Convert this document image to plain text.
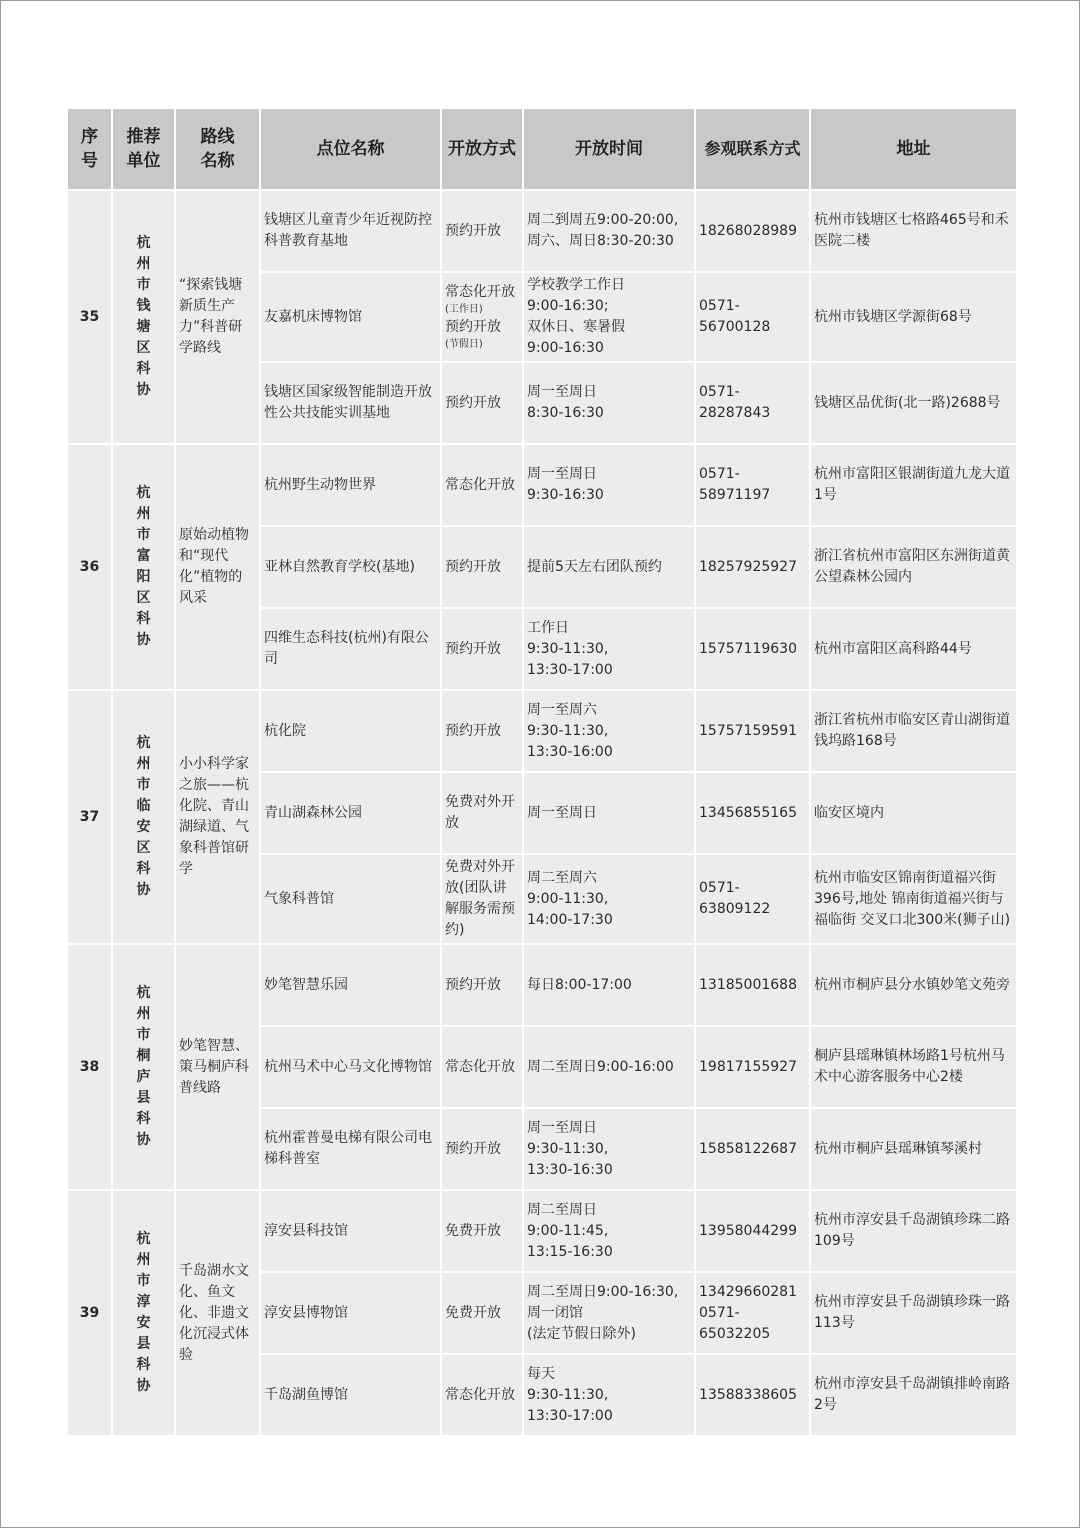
序号	推荐单位	路线名称	点位名称	开放方式	开放时间	参观联系方式	地址
35	杭州市钱塘区科协	“探索钱塘新质生产力”科普研学路线	钱塘区儿童青少年近视防控科普教育基地	预约开放	周二到周五9:00-20:00,
周六、周日8:30-20:30	18268028989	杭州市钱塘区七格路465号和禾医院二楼
			友嘉机床博物馆	常态化开放
(工作日)
预约开放
(节假日)	学校教学工作日
9:00-16:30;
双休日、寒暑假
9:00-16:30	0571-56700128	杭州市钱塘区学源街68号
			钱塘区国家级智能制造开放性公共技能实训基地	预约开放	周一至周日
8:30-16:30	0571-28287843	钱塘区品优街(北一路)2688号
36	杭州市富阳区科协	原始动植物和“现代化”植物的风采	杭州野生动物世界	常态化开放	周一至周日
9:30-16:30	0571-58971197	杭州市富阳区银湖街道九龙大道1号
			亚林自然教育学校(基地)	预约开放	提前5天左右团队预约	18257925927	浙江省杭州市富阳区东洲街道黄公望森林公园内
			四维生态科技(杭州)有限公司	预约开放	工作日
9:30-11:30,
13:30-17:00	15757119630	杭州市富阳区高科路44号
37	杭州市临安区科协	小小科学家之旅——杭化院、青山湖绿道、气象科普馆研学	杭化院	预约开放	周一至周六
9:30-11:30,
13:30-16:00	15757159591	浙江省杭州市临安区青山湖街道钱坞路168号
			青山湖森林公园	免费对外开放	周一至周日	13456855165	临安区境内
			气象科普馆	免费对外开放(团队讲解服务需预约)	周二至周六
9:00-11:30,
14:00-17:30	0571-63809122	杭州市临安区锦南街道福兴街396号,地处 锦南街道福兴街与福临街 交叉口北300米(狮子山)
38	杭州市桐庐县科协	妙笔智慧、策马桐庐科普线路	妙笔智慧乐园	预约开放	每日8:00-17:00	13185001688	杭州市桐庐县分水镇妙笔文苑旁
			杭州马术中心马文化博物馆	常态化开放	周二至周日9:00-16:00	19817155927	桐庐县瑶琳镇林场路1号杭州马术中心游客服务中心2楼
			杭州霍普曼电梯有限公司电梯科普室	预约开放	周一至周日
9:30-11:30,
13:30-16:30	15858122687	杭州市桐庐县瑶琳镇琴溪村
39	杭州市淳安县科协	千岛湖水文化、鱼文化、非遗文化沉浸式体验	淳安县科技馆	免费开放	周二至周日
9:00-11:45,
13:15-16:30	13958044299	杭州市淳安县千岛湖镇珍珠二路109号
			淳安县博物馆	免费开放	周二至周日9:00-16:30,
周一闭馆
(法定节假日除外)	13429660281
0571-65032205	杭州市淳安县千岛湖镇珍珠一路113号
			千岛湖鱼博馆	常态化开放	每天
9:30-11:30,
13:30-17:00	13588338605	杭州市淳安县千岛湖镇排岭南路2号
